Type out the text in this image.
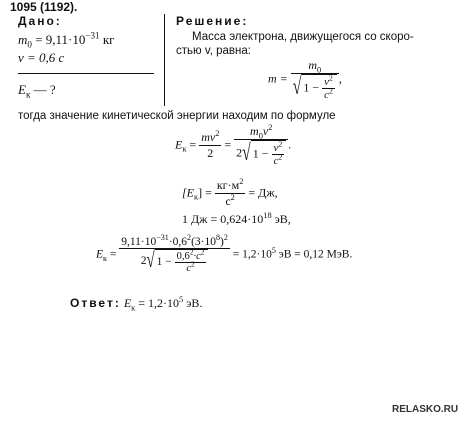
1095 (1192).
Дано:
$m_0 = 9,11\cdot 10^{-31}$ кг
v = 0,6 c
$E_к$ — ?
Решение:
Масса электрона, движущегося со скоро-
стью v, равна:
$m = \frac{m_0}{√ 1 - \frac{v^2}{c^2}}$ ,
тогда значение кинетической энергии находим по формуле
$E_к = \frac{mv^2}{2} = \frac{m_0v^2}{2√ 1 - \frac{v^2}{c^2}}$ .
$[E_к] = \frac{кг\cdot м^2}{с^2}$ = Дж,
1 Дж = $0,624\cdot 10^{18}$ эВ,
$E_к = \frac{9,11\cdot 10^{-31}\cdot 0,6^2(3\cdot 10^8)^2}{2√ 1 - \frac{0,6^2\cdot c^2}{c^2}} = 1,2\cdot 10^5$ эВ = 0,12 МэВ.
Ответ: $E_к = 1,2\cdot 10^5$ эВ.
RELASKO.RU
